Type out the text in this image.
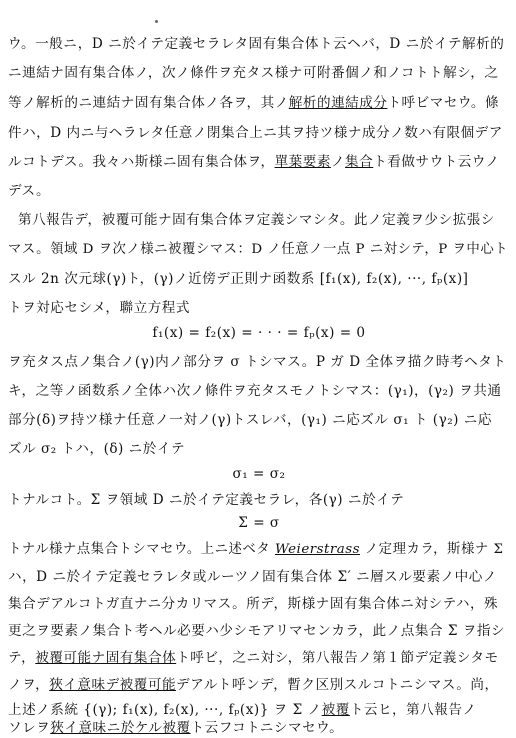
ウ。一般ニ，D ニ於イテ定義セラレタ固有集合体ト云ヘバ，D ニ於イテ解析的
ニ連結ナ固有集合体ノ，次ノ條件ヲ充タス様ナ可附番個ノ和ノコトト解シ，之
等ノ解析的ニ連結ナ固有集合体ノ各ヲ，其ノ解析的連結成分ト呼ビマセウ。條
件ハ，D 内ニ与ヘラレタ任意ノ閉集合上ニ其ヲ持ツ様ナ成分ノ数ハ有限個デア
ルコトデス。我々ハ斯様ニ固有集合体ヲ，單葉要素ノ集合ト看做サウト云ウノ
デス。
第八報告デ，被覆可能ナ固有集合体ヲ定義シマシタ。此ノ定義ヲ少シ拡張シ
マス。領域 D ヲ次ノ様ニ被覆シマス：D ノ任意ノ一点 P ニ対シテ，P ヲ中心ト
スル 2n 次元球(γ)ト，(γ)ノ近傍デ正則ナ函数系 [f₁(x), f₂(x), ···, fₚ(x)]
トヲ対応セシメ，聯立方程式
f₁(x) = f₂(x) = · · · = fₚ(x) = 0
ヲ充タス点ノ集合ノ(γ)内ノ部分ヲ σ トシマス。P ガ D 全体ヲ描ク時考ヘタト
キ，之等ノ函数系ノ全体ハ次ノ條件ヲ充タスモノトシマス：(γ₁)，(γ₂) ヲ共通
部分(δ)ヲ持ツ様ナ任意ノ一対ノ(γ)トスレバ，(γ₁) ニ応ズル σ₁ ト (γ₂) ニ応
ズル σ₂ トハ，(δ) ニ於イテ
σ₁ = σ₂
トナルコト。Σ ヲ領域 D ニ於イテ定義セラレ，各(γ) ニ於イテ
Σ = σ
トナル様ナ点集合トシマセウ。上ニ述ベタ Weierstrass ノ定理カラ，斯様ナ Σ
ハ，D ニ於イテ定義セラレタ或ルーツノ固有集合体 Σ′ ニ層スル要素ノ中心ノ
集合デアルコトガ直ナニ分カリマス。所デ，斯様ナ固有集合体ニ対シテハ，殊
更之ヲ要素ノ集合ト考ヘル必要ハ少シモアリマセンカラ，此ノ点集合 Σ ヲ指シ
テ，被覆可能ナ固有集合体ト呼ビ，之ニ対シ，第八報告ノ第１節デ定義シタモ
ノヲ，狹イ意味デ被覆可能デアルト呼ンデ，暫ク区別スルコトニシマス。尚，
上述ノ系統 {(γ); f₁(x), f₂(x), ···, fₚ(x)} ヲ Σ ノ被覆ト云ヒ，第八報告ノ
ソレヲ狹イ意味ニ於ケル被覆ト云フコトニシマセウ。
